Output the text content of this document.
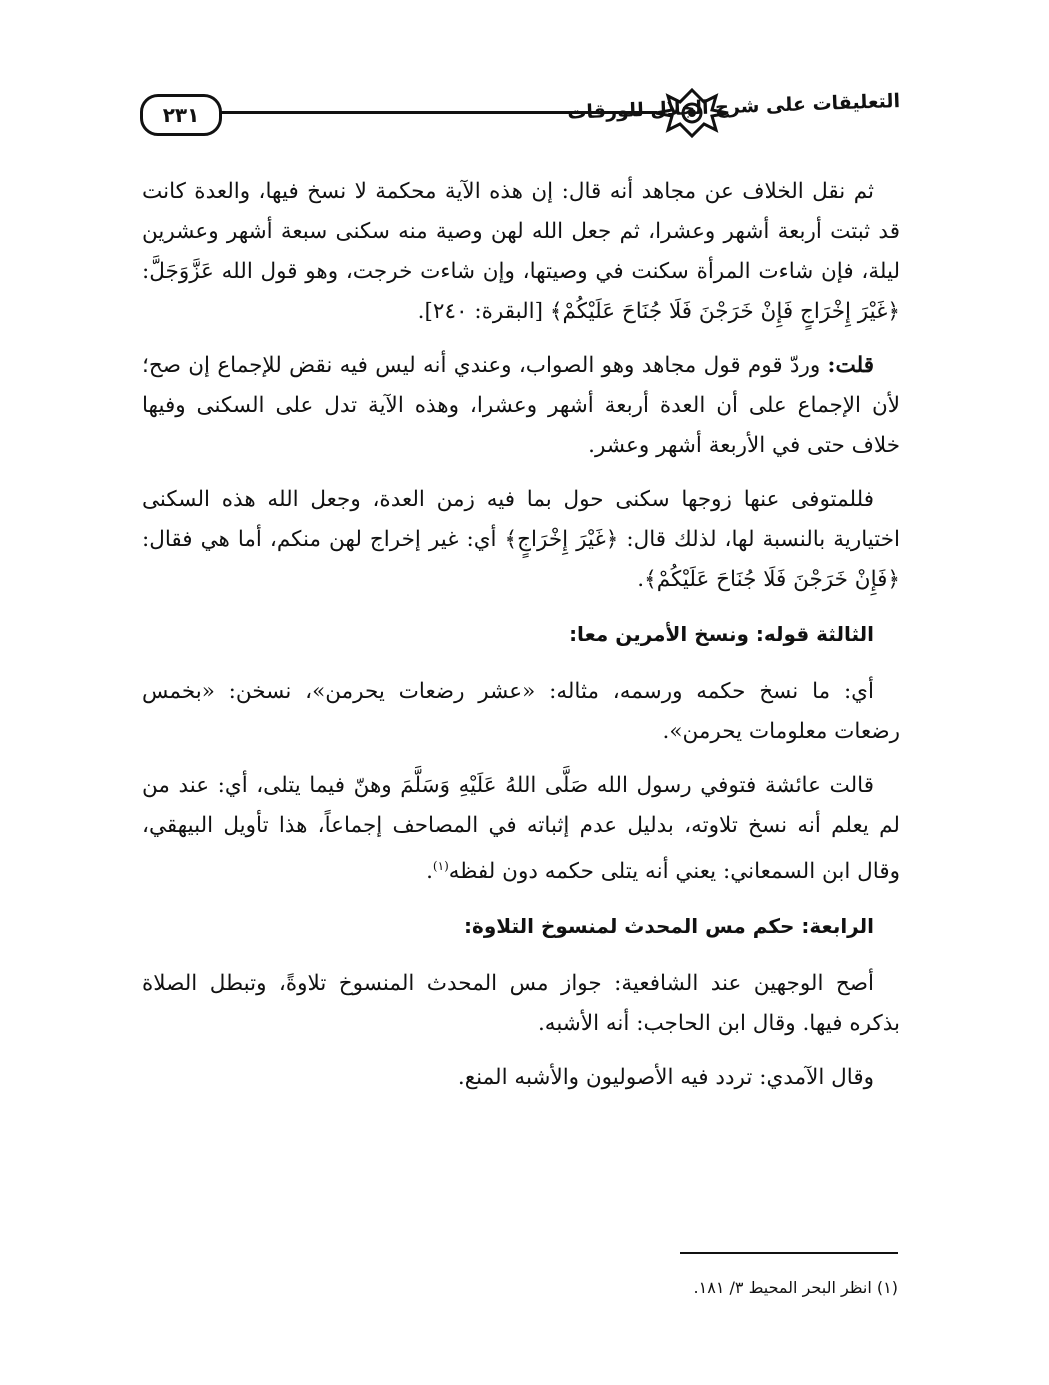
٢٣١	التعليقات على شرح الجلال للورقات

ثم نقل الخلاف عن مجاهد أنه قال: إن هذه الآية محكمة لا نسخ فيها، والعدة كانت قد ثبتت أربعة أشهر وعشرا، ثم جعل الله لهن وصية منه سكنى سبعة أشهر وعشرين ليلة، فإن شاءت المرأة سكنت في وصيتها، وإن شاءت خرجت، وهو قول الله عَزَّوَجَلَّ: ﴿غَيْرَ إِخْرَاجٍ فَإِنْ خَرَجْنَ فَلَا جُنَاحَ عَلَيْكُمْ﴾ [البقرة: ٢٤٠].

قلت: وردّ قوم قول مجاهد وهو الصواب، وعندي أنه ليس فيه نقض للإجماع إن صح؛ لأن الإجماع على أن العدة أربعة أشهر وعشرا، وهذه الآية تدل على السكنى وفيها خلاف حتى في الأربعة أشهر وعشر.

فللمتوفى عنها زوجها سكنى حول بما فيه زمن العدة، وجعل الله هذه السكنى اختيارية بالنسبة لها، لذلك قال: ﴿غَيْرَ إِخْرَاجٍ﴾ أي: غير إخراج لهن منكم، أما هي فقال: ﴿فَإِنْ خَرَجْنَ فَلَا جُنَاحَ عَلَيْكُمْ﴾.

الثالثة قوله: ونسخ الأمرين معا:

أي: ما نسخ حكمه ورسمه، مثاله: «عشر رضعات يحرمن»، نسخن: «بخمس رضعات معلومات يحرمن».

قالت عائشة فتوفي رسول الله صَلَّى اللهُ عَلَيْهِ وَسَلَّمَ وهنّ فيما يتلى، أي: عند من لم يعلم أنه نسخ تلاوته، بدليل عدم إثباته في المصاحف إجماعاً، هذا تأويل البيهقي، وقال ابن السمعاني: يعني أنه يتلى حكمه دون لفظه$^{(١)}$.

الرابعة: حكم مس المحدث لمنسوخ التلاوة:

أصح الوجهين عند الشافعية: جواز مس المحدث المنسوخ تلاوةً، وتبطل الصلاة بذكره فيها. وقال ابن الحاجب: أنه الأشبه.

وقال الآمدي: تردد فيه الأصوليون والأشبه المنع.

(١) انظر البحر المحيط ٣/ ١٨١.
